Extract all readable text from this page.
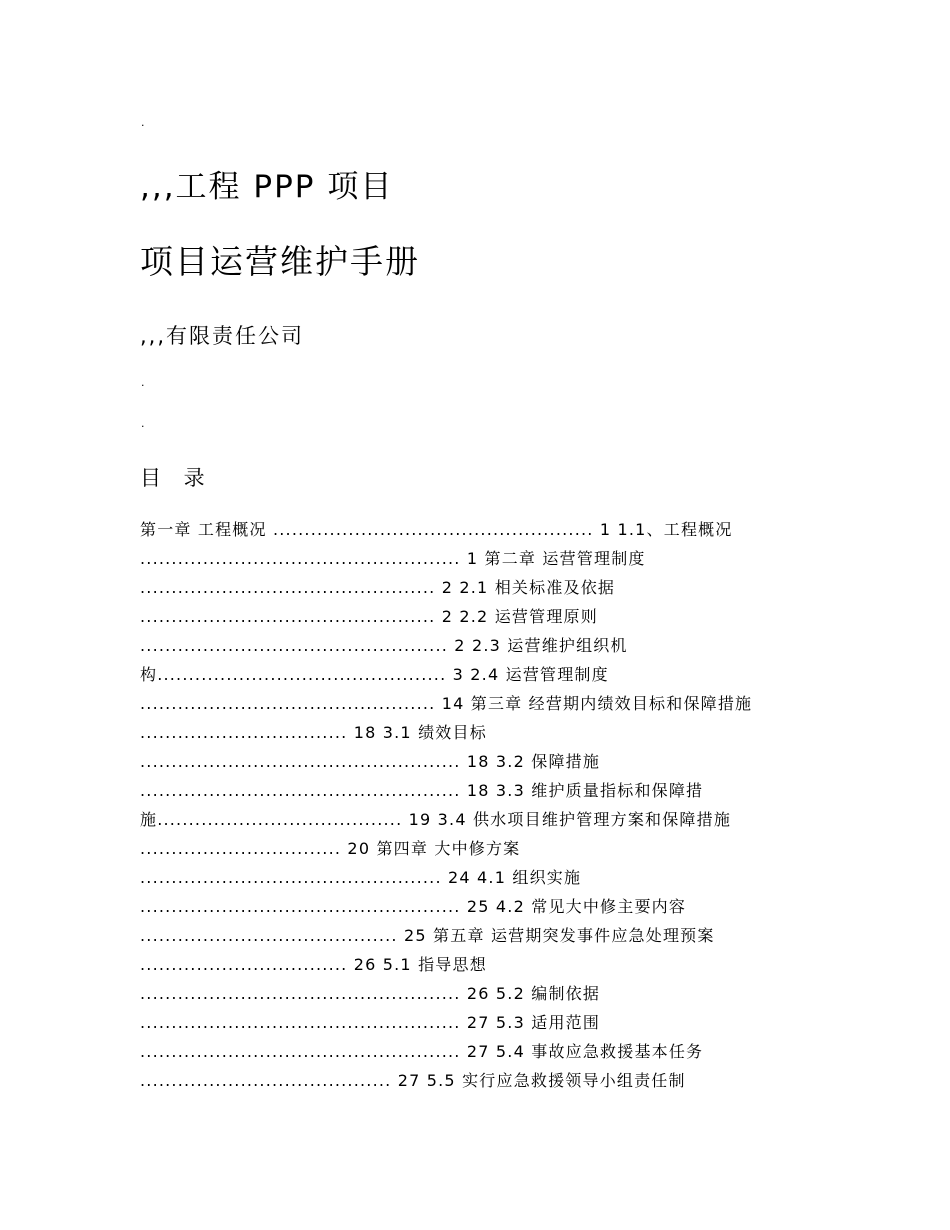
·
,,,工程 PPP 项目
项目运营维护手册
,,,有限责任公司
·
·
目 录
第一章 工程概况 ................................................... 1 1.1、工程概况
................................................... 1 第二章 运营管理制度
............................................... 2 2.1 相关标准及依据
............................................... 2 2.2 运营管理原则
................................................. 2 2.3 运营维护组织机
构.............................................. 3 2.4 运营管理制度
............................................... 14 第三章 经营期内绩效目标和保障措施
................................. 18 3.1 绩效目标
................................................... 18 3.2 保障措施
................................................... 18 3.3 维护质量指标和保障措
施....................................... 19 3.4 供水项目维护管理方案和保障措施
................................ 20 第四章 大中修方案
................................................ 24 4.1 组织实施
................................................... 25 4.2 常见大中修主要内容
......................................... 25 第五章 运营期突发事件应急处理预案
................................. 26 5.1 指导思想
................................................... 26 5.2 编制依据
................................................... 27 5.3 适用范围
................................................... 27 5.4 事故应急救援基本任务
........................................ 27 5.5 实行应急救援领导小组责任制
